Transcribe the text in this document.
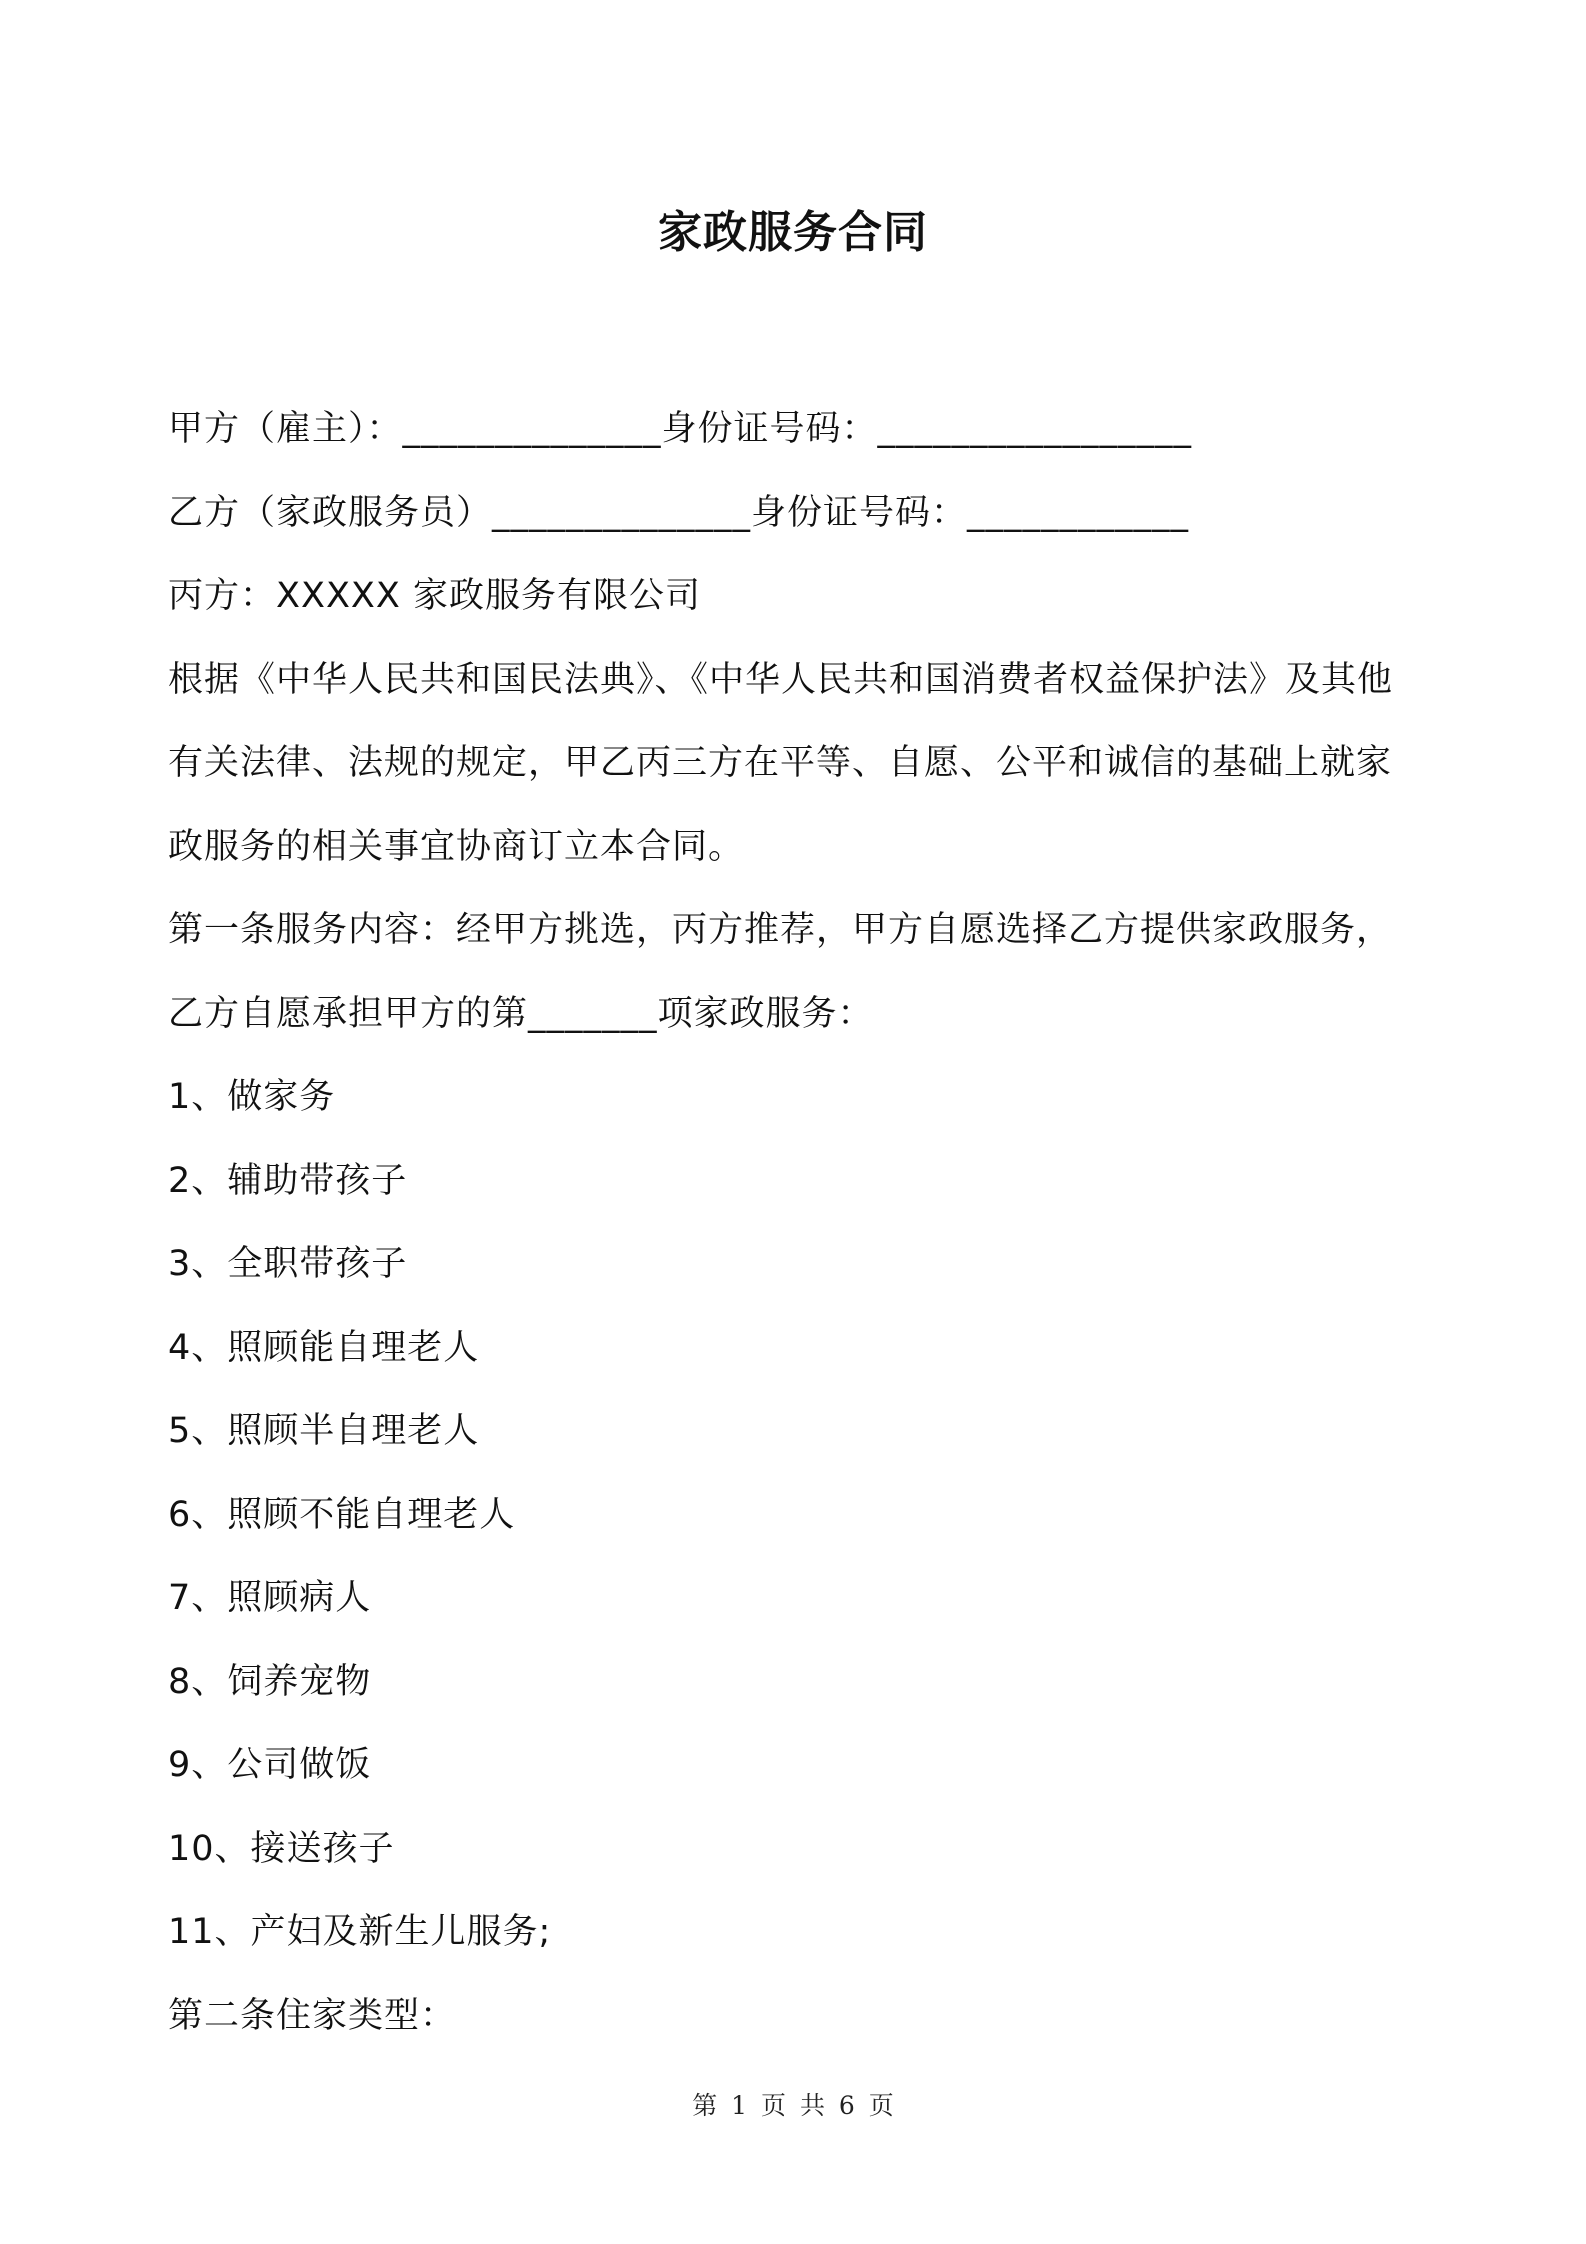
家政服务合同
甲方（雇主）：______________身份证号码：_________________
乙方（家政服务员）______________身份证号码：____________
丙方：XXXXX 家政服务有限公司
根据《中华人民共和国民法典》、《中华人民共和国消费者权益保护法》及其他
有关法律、法规的规定，甲乙丙三方在平等、自愿、公平和诚信的基础上就家
政服务的相关事宜协商订立本合同。
第一条服务内容：经甲方挑选，丙方推荐，甲方自愿选择乙方提供家政服务，
乙方自愿承担甲方的第_______项家政服务：
1、做家务
2、辅助带孩子
3、全职带孩子
4、照顾能自理老人
5、照顾半自理老人
6、照顾不能自理老人
7、照顾病人
8、饲养宠物
9、公司做饭
10、接送孩子
11、产妇及新生儿服务;
第二条住家类型：
第 1 页 共 6 页
